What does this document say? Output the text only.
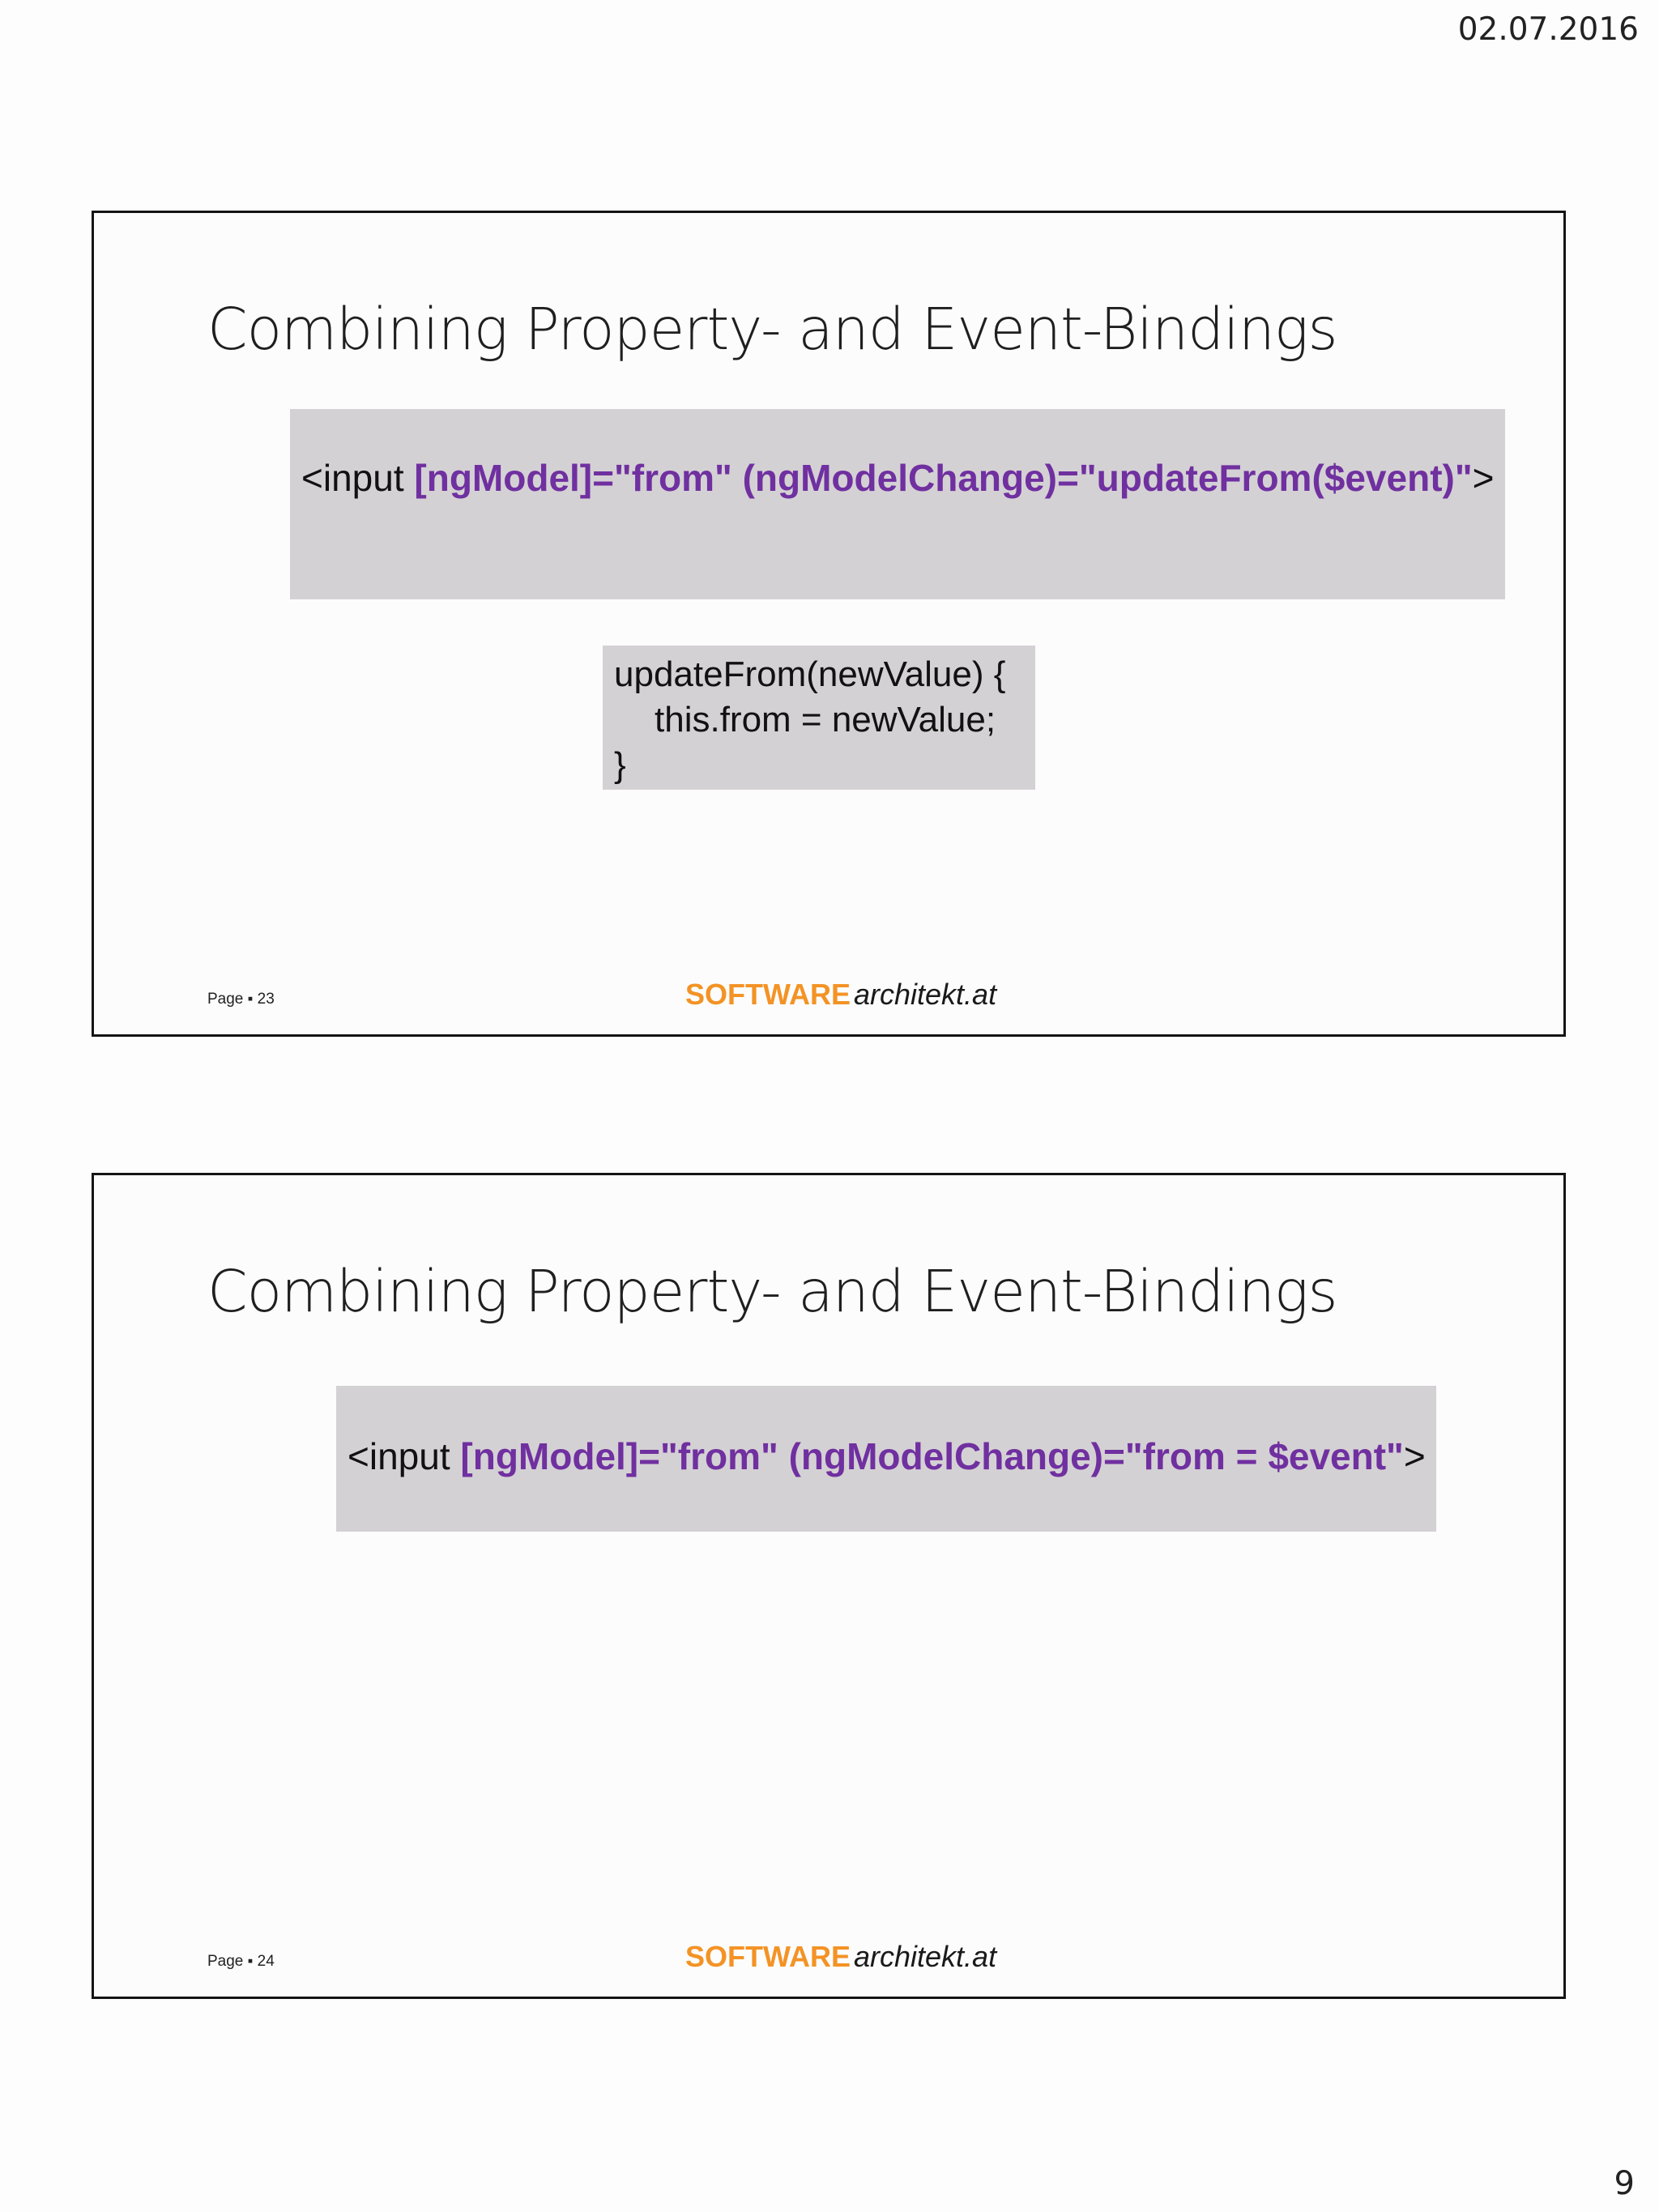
02.07.2016
Combining Property- and Event-Bindings
<input [ngModel]="from" (ngModelChange)="updateFrom($event)">
updateFrom(newValue) {
this.from = newValue;
}
Page ▪ 23	SOFTWARE architekt.at
Combining Property- and Event-Bindings
<input [ngModel]="from" (ngModelChange)="from = $event">
Page ▪ 24	SOFTWARE architekt.at
9
